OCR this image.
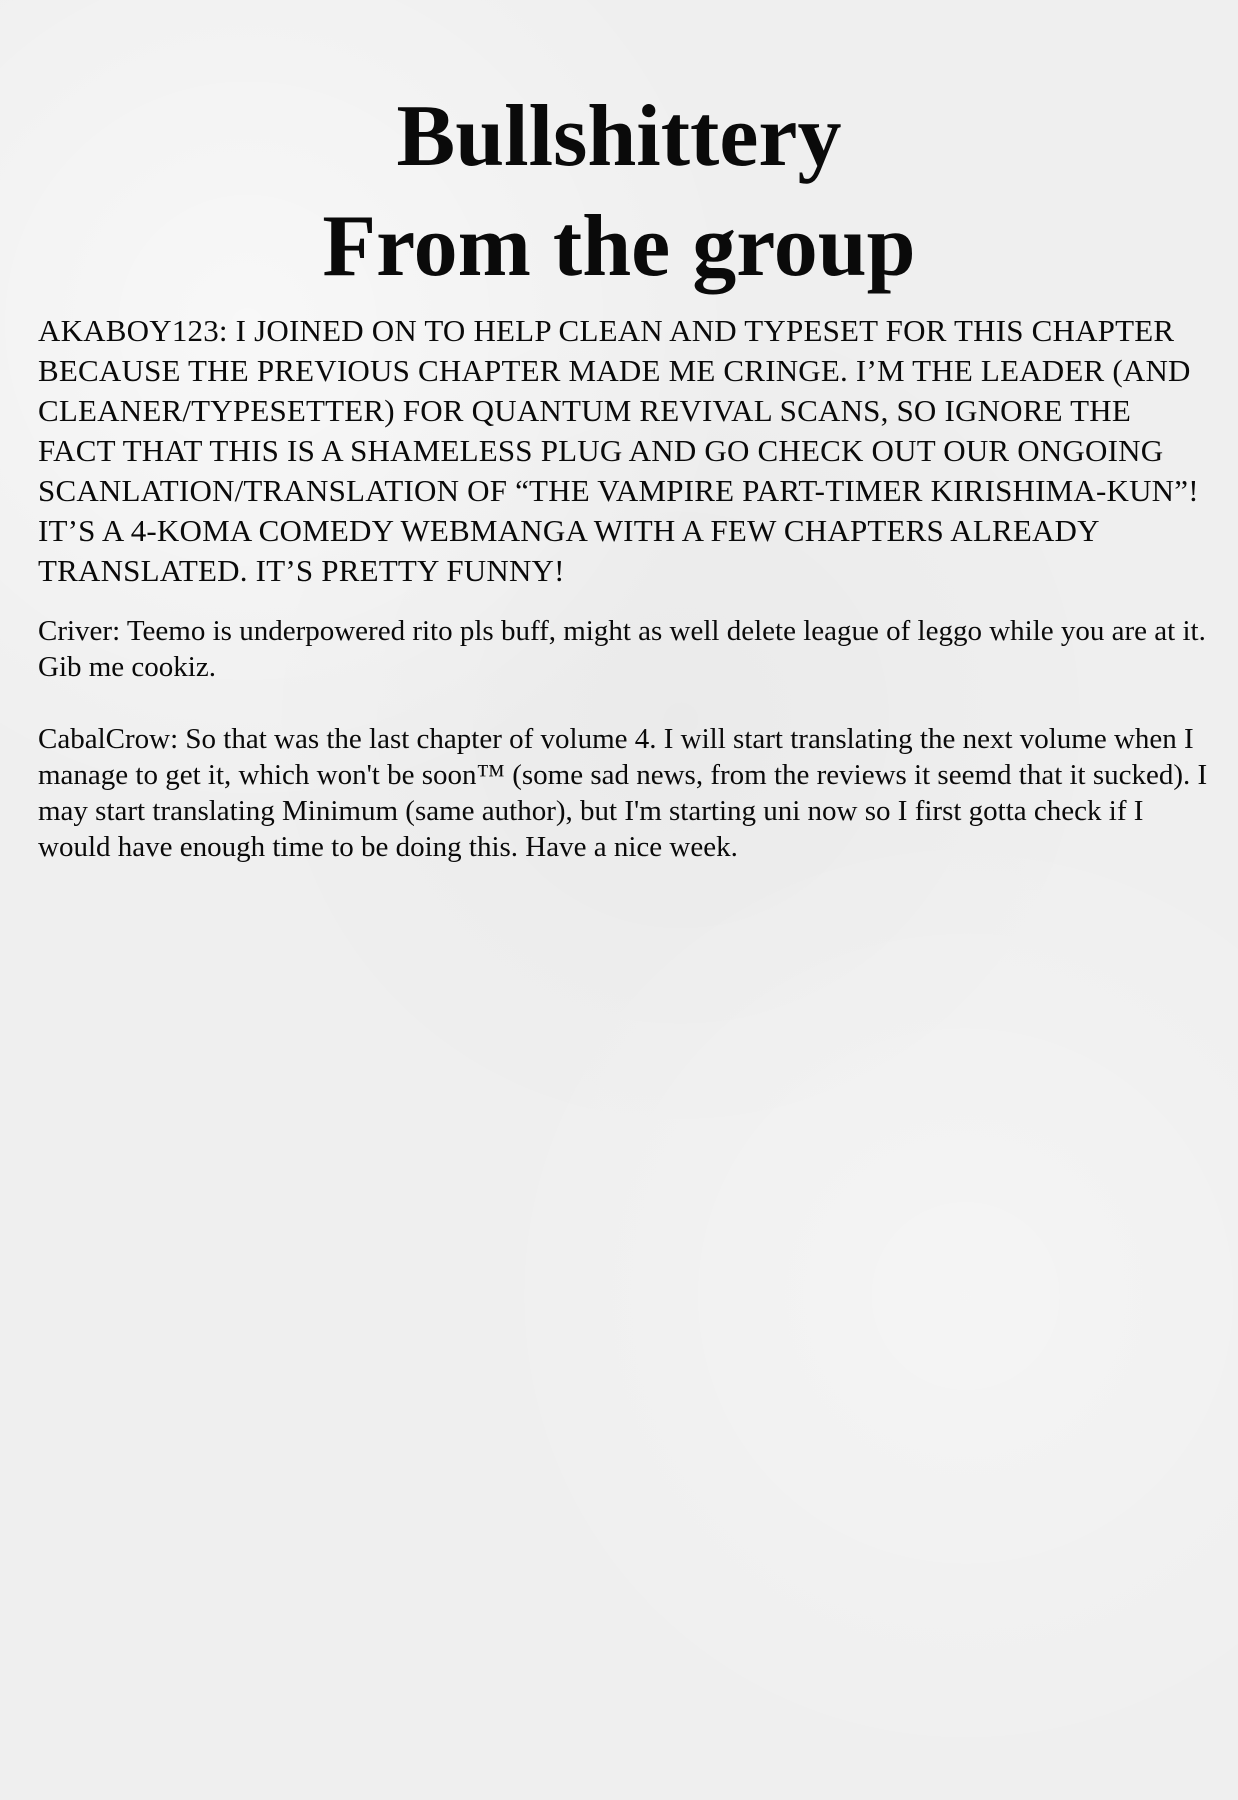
Bullshittery
From the group

AKABOY123: I JOINED ON TO HELP CLEAN AND TYPESET FOR THIS CHAPTER BECAUSE THE PREVIOUS CHAPTER MADE ME CRINGE. I’M THE LEADER (AND CLEANER/TYPESETTER) FOR QUANTUM REVIVAL SCANS, SO IGNORE THE FACT THAT THIS IS A SHAMELESS PLUG AND GO CHECK OUT OUR ONGOING SCANLATION/TRANSLATION OF “THE VAMPIRE PART-TIMER KIRISHIMA-KUN”! IT’S A 4-KOMA COMEDY WEBMANGA WITH A FEW CHAPTERS ALREADY TRANSLATED. IT’S PRETTY FUNNY!

Criver: Teemo is underpowered rito pls buff, might as well delete league of leggo while you are at it. Gib me cookiz.

CabalCrow: So that was the last chapter of volume 4. I will start translating the next volume when I manage to get it, which won't be soon™ (some sad news, from the reviews it seemd that it sucked). I may start translating Minimum (same author), but I'm starting uni now so I first gotta check if I would have enough time to be doing this. Have a nice week.
